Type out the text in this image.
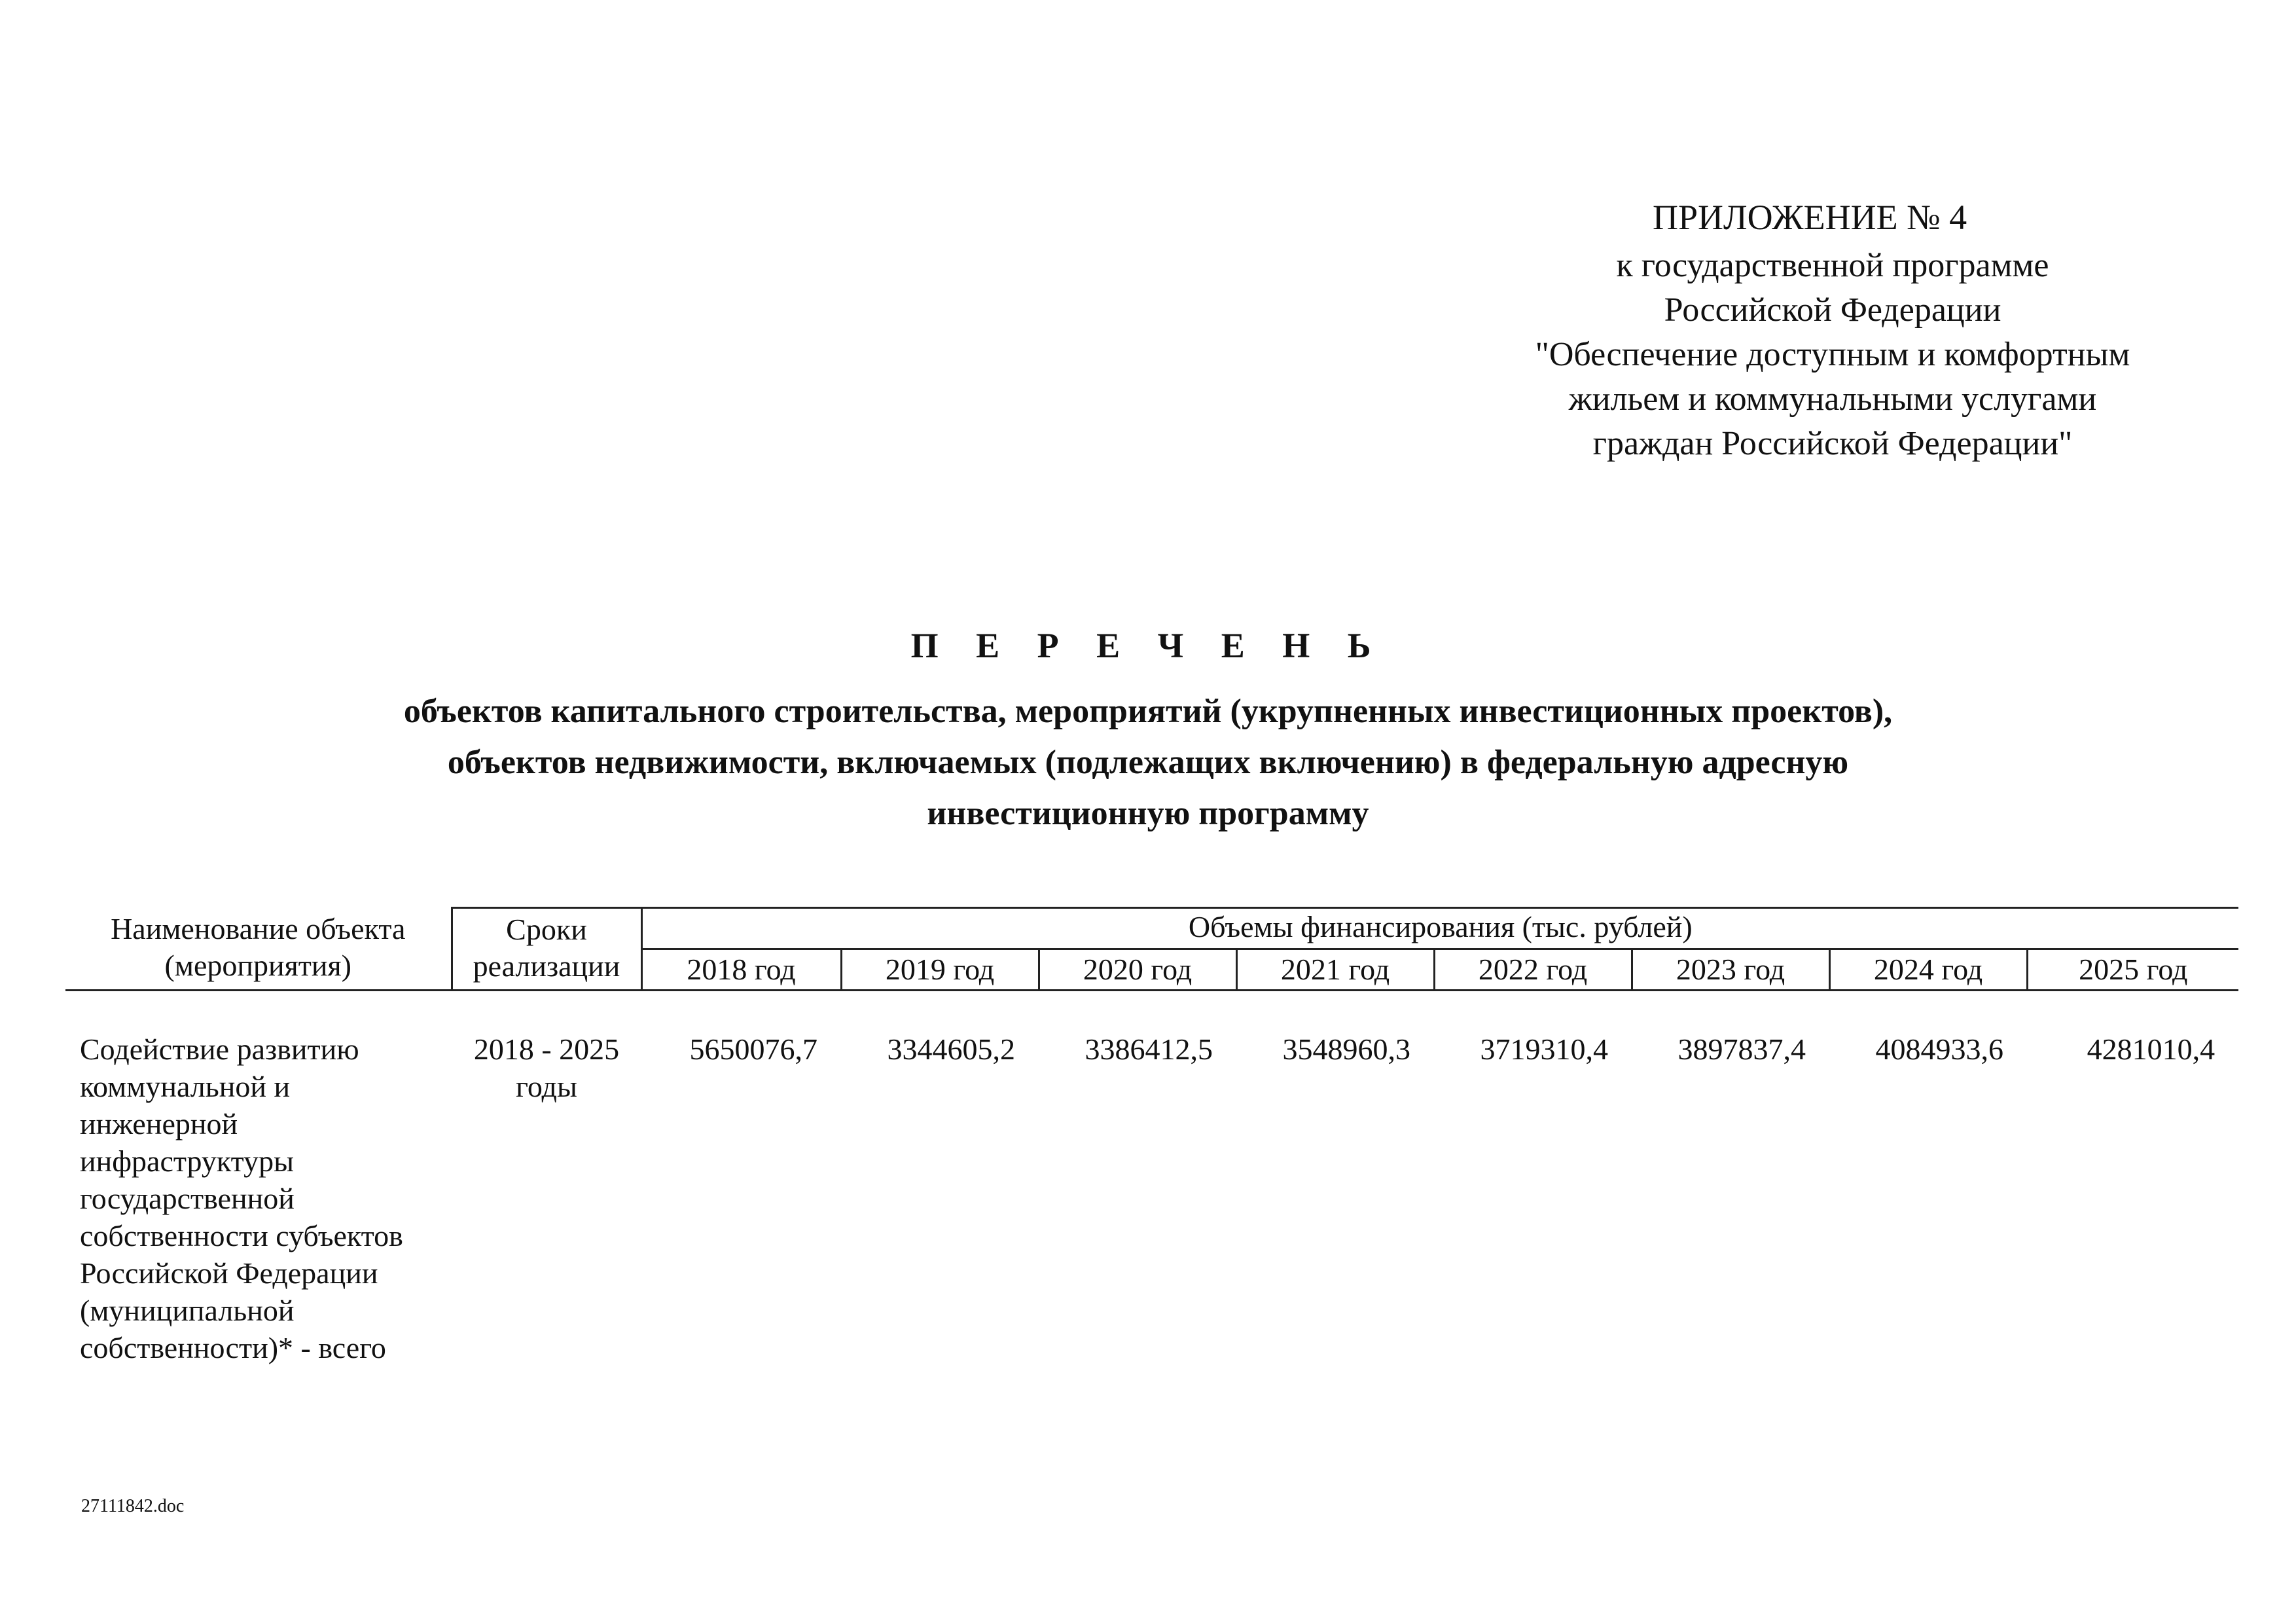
ПРИЛОЖЕНИЕ № 4
к государственной программе
Российской Федерации
"Обеспечение доступным и комфортным
жильем и коммунальными услугами
граждан Российской Федерации"
П Е Р Е Ч Е Н Ь
объектов капитального строительства, мероприятий (укрупненных инвестиционных проектов),
объектов недвижимости, включаемых (подлежащих включению) в федеральную адресную
инвестиционную программу
Наименование объекта (мероприятия)	Сроки реализации	Объемы финансирования (тыс. рублей)							
		2018 год	2019 год	2020 год	2021 год	2022 год	2023 год	2024 год	2025 год
Содействие развитию коммунальной и инженерной инфраструктуры государственной собственности субъектов Российской Федерации (муниципальной собственности)* - всего	2018 - 2025 годы	5650076,7	3344605,2	3386412,5	3548960,3	3719310,4	3897837,4	4084933,6	4281010,4
27111842.doc
